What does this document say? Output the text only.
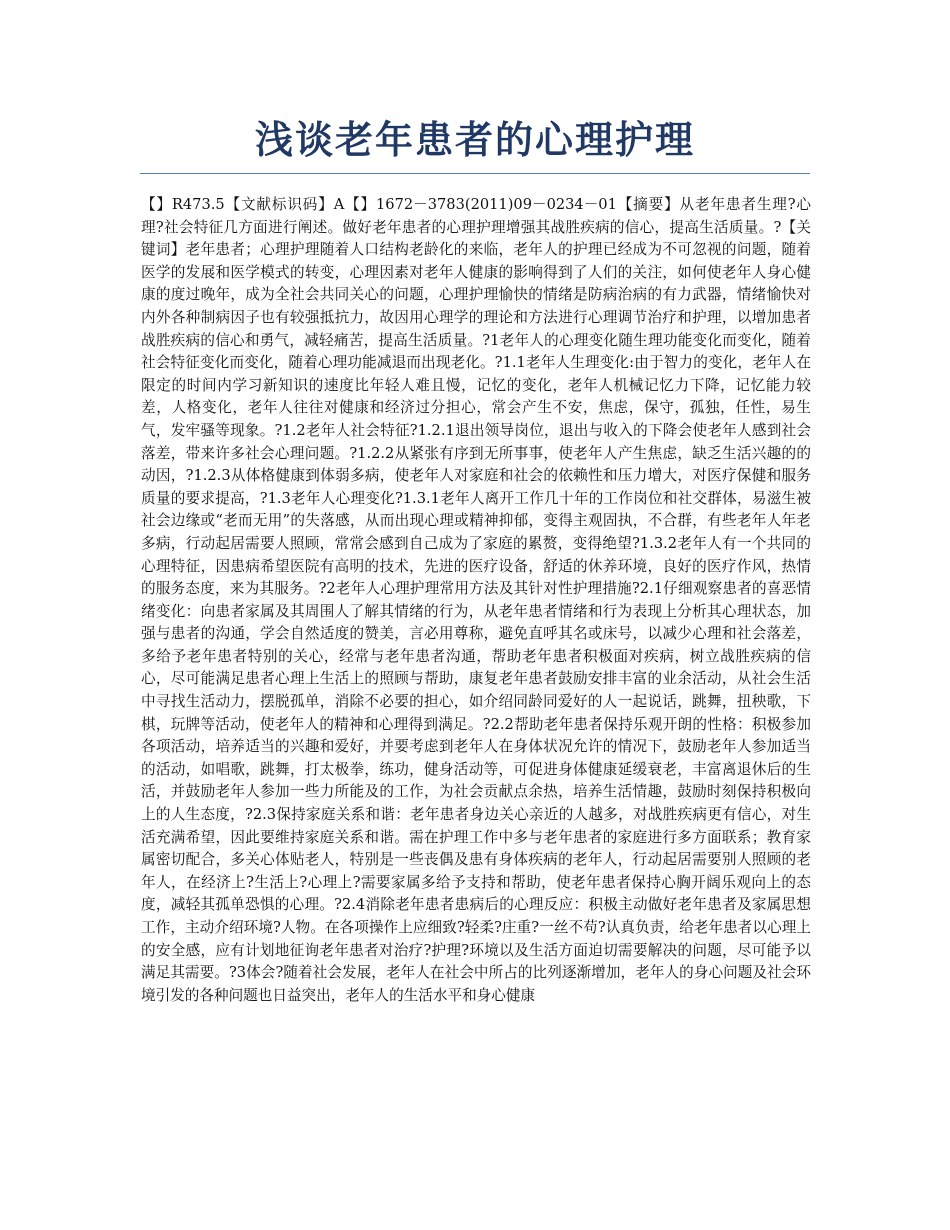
浅谈老年患者的心理护理

【】R473.5【文献标识码】A【】1672－3783(2011)09－0234－01【摘要】从老年患者生理?心理?社会特征几方面进行阐述。做好老年患者的心理护理增强其战胜疾病的信心，提高生活质量。?【关键词】老年患者；心理护理随着人口结构老龄化的来临，老年人的护理已经成为不可忽视的问题，随着医学的发展和医学模式的转变，心理因素对老年人健康的影响得到了人们的关注，如何使老年人身心健康的度过晚年，成为全社会共同关心的问题，心理护理愉快的情绪是防病治病的有力武器，情绪愉快对内外各种制病因子也有较强抵抗力，故因用心理学的理论和方法进行心理调节治疗和护理，以增加患者战胜疾病的信心和勇气，减轻痛苦，提高生活质量。?1老年人的心理变化随生理功能变化而变化，随着社会特征变化而变化，随着心理功能减退而出现老化。?1.1老年人生理变化:由于智力的变化，老年人在限定的时间内学习新知识的速度比年轻人难且慢，记忆的变化，老年人机械记忆力下降，记忆能力较差，人格变化，老年人往往对健康和经济过分担心，常会产生不安，焦虑，保守，孤独，任性，易生气，发牢骚等现象。?1.2老年人社会特征?1.2.1退出领导岗位，退出与收入的下降会使老年人感到社会落差，带来许多社会心理问题。?1.2.2从紧张有序到无所事事，使老年人产生焦虑，缺乏生活兴趣的的动因，?1.2.3从体格健康到体弱多病，使老年人对家庭和社会的依赖性和压力增大，对医疗保健和服务质量的要求提高，?1.3老年人心理变化?1.3.1老年人离开工作几十年的工作岗位和社交群体，易滋生被社会边缘或“老而无用”的失落感，从而出现心理或精神抑郁，变得主观固执，不合群，有些老年人年老多病，行动起居需要人照顾，常常会感到自己成为了家庭的累赘，变得绝望?1.3.2老年人有一个共同的心理特征，因患病希望医院有高明的技术，先进的医疗设备，舒适的休养环境，良好的医疗作风，热情的服务态度，来为其服务。?2老年人心理护理常用方法及其针对性护理措施?2.1仔细观察患者的喜恶情绪变化：向患者家属及其周围人了解其情绪的行为，从老年患者情绪和行为表现上分析其心理状态，加强与患者的沟通，学会自然适度的赞美，言必用尊称，避免直呼其名或床号，以减少心理和社会落差，多给予老年患者特别的关心，经常与老年患者沟通，帮助老年患者积极面对疾病，树立战胜疾病的信心，尽可能满足患者心理上生活上的照顾与帮助，康复老年患者鼓励安排丰富的业余活动，从社会生活中寻找生活动力，摆脱孤单，消除不必要的担心，如介绍同龄同爱好的人一起说话，跳舞，扭秧歌，下棋，玩牌等活动，使老年人的精神和心理得到满足。?2.2帮助老年患者保持乐观开朗的性格：积极参加各项活动，培养适当的兴趣和爱好，并要考虑到老年人在身体状况允许的情况下，鼓励老年人参加适当的活动，如唱歌，跳舞，打太极拳，练功，健身活动等，可促进身体健康延缓衰老，丰富离退休后的生活，并鼓励老年人参加一些力所能及的工作，为社会贡献点余热，培养生活情趣，鼓励时刻保持积极向上的人生态度，?2.3保持家庭关系和谐：老年患者身边关心亲近的人越多，对战胜疾病更有信心，对生活充满希望，因此要维持家庭关系和谐。需在护理工作中多与老年患者的家庭进行多方面联系；教育家属密切配合，多关心体贴老人，特别是一些丧偶及患有身体疾病的老年人，行动起居需要别人照顾的老年人，在经济上?生活上?心理上?需要家属多给予支持和帮助，使老年患者保持心胸开阔乐观向上的态度，减轻其孤单恐惧的心理。?2.4消除老年患者患病后的心理反应：积极主动做好老年患者及家属思想工作，主动介绍环境?人物。在各项操作上应细致?轻柔?庄重?一丝不苟?认真负责，给老年患者以心理上的安全感，应有计划地征询老年患者对治疗?护理?环境以及生活方面迫切需要解决的问题，尽可能予以满足其需要。?3体会?随着社会发展，老年人在社会中所占的比列逐渐增加，老年人的身心问题及社会环境引发的各种问题也日益突出，老年人的生活水平和身心健康
